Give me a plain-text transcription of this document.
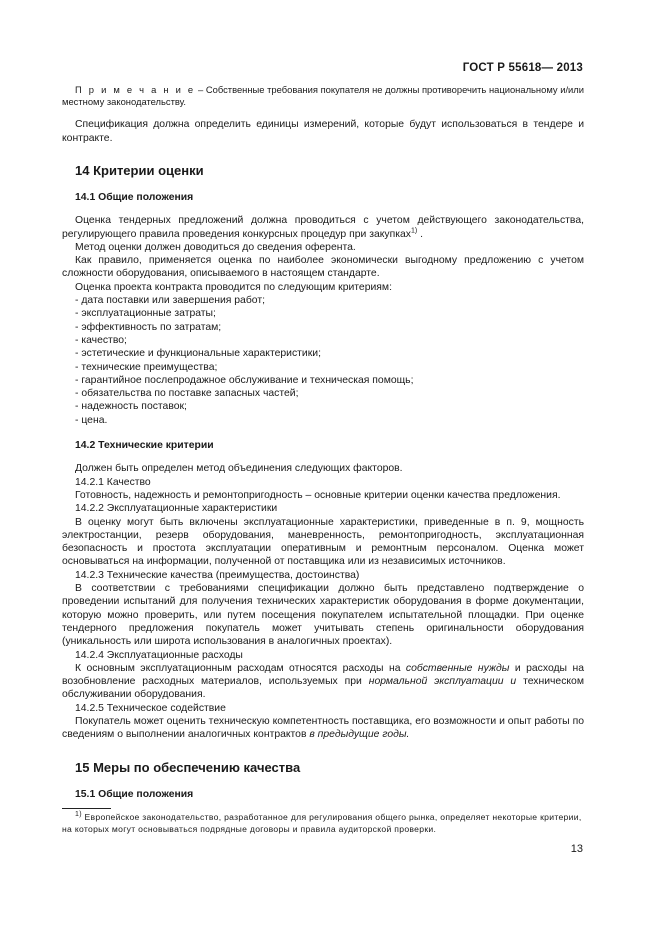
ГОСТ Р 55618— 2013

П р и м е ч а н и е – Собственные требования покупателя не должны противоречить национальному и/или местному законодательству.

Спецификация должна определить единицы измерений, которые будут использоваться в тендере и контракте.

14 Критерии оценки
14.1 Общие положения

Оценка тендерных предложений должна проводиться с учетом действующего законодательства, регулирующего правила проведения конкурсных процедур при закупках$^{1)}$ .

Метод оценки должен доводиться до сведения оферента.

Как правило, применяется оценка по наиболее экономически выгодному предложению с учетом сложности оборудования, описываемого в настоящем стандарте.

Оценка проекта контракта проводится по следующим критериям:

- дата поставки или завершения работ;
- эксплуатационные затраты;
- эффективность по затратам;
- качество;
- эстетические и функциональные характеристики;
- технические преимущества;
- гарантийное послепродажное обслуживание и техническая помощь;
- обязательства по поставке запасных частей;
- надежность поставок;
- цена.
14.2 Технические критерии

Должен быть определен метод объединения следующих факторов.

14.2.1 Качество

Готовность, надежность и ремонтопригодность – основные критерии оценки качества предложения.

14.2.2 Эксплуатационные характеристики

В оценку могут быть включены эксплуатационные характеристики, приведенные в п. 9, мощность электростанции, резерв оборудования, маневренность, ремонтопригодность, эксплуатационная безопасность и простота эксплуатации оперативным и ремонтным персоналом. Оценка может основываться на информации, полученной от поставщика или из независимых источников.

14.2.3 Технические качества (преимущества, достоинства)

В соответствии с требованиями спецификации должно быть представлено подтверждение о проведении испытаний для получения технических характеристик оборудования в форме документации, которую можно проверить, или путем посещения покупателем испытательной площадки. При оценке тендерного предложения покупатель может учитывать степень оригинальности оборудования (уникальность или широта использования в аналогичных проектах).

14.2.4 Эксплуатационные расходы

К основным эксплуатационным расходам относятся расходы на собственные нужды и расходы на возобновление расходных материалов, используемых при нормальной эксплуатации и техническом обслуживании оборудования.

14.2.5 Техническое содействие

Покупатель может оценить техническую компетентность поставщика, его возможности и опыт работы по сведениям о выполнении аналогичных контрактов в предыдущие годы.

15 Меры по обеспечению качества
15.1 Общие положения
$^{1)}$ Европейское законодательство, разработанное для регулирования общего рынка, определяет некоторые критерии, на которых могут основываться подрядные договоры и правила аудиторской проверки.
13
